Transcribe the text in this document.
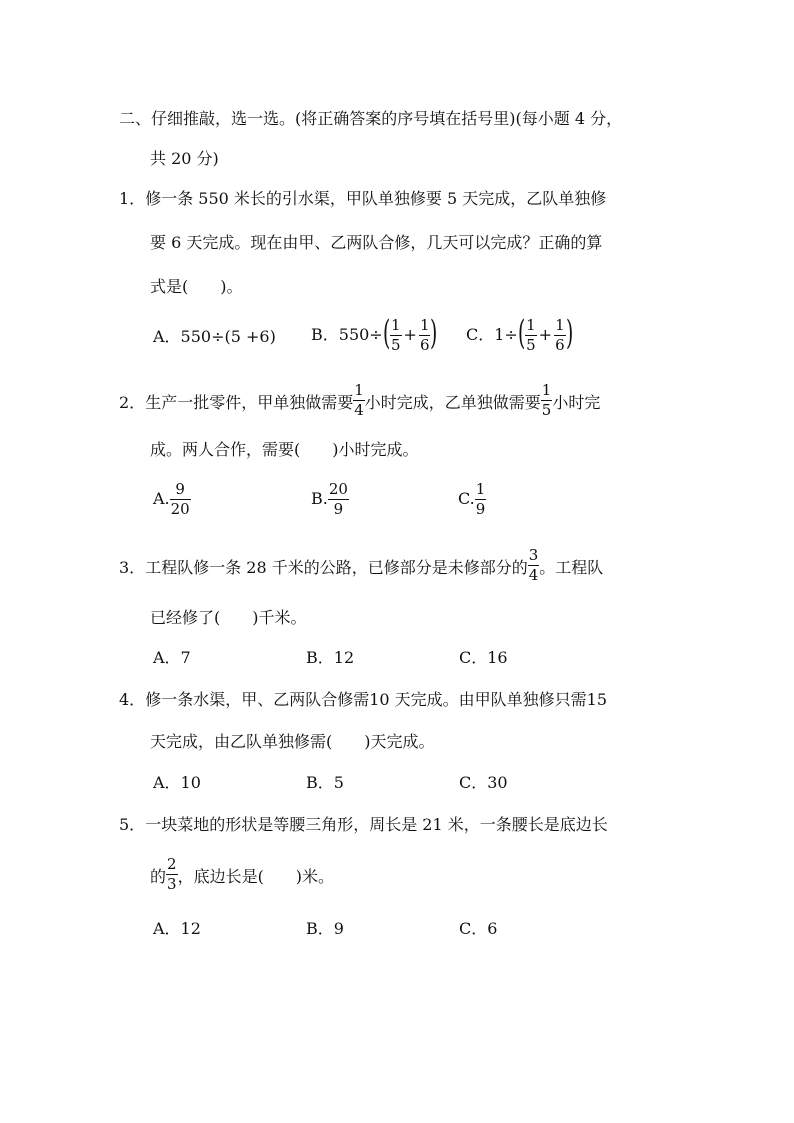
二、仔细推敲，选一选。(将正确答案的序号填在括号里)(每小题 4 分，
共 20 分)
1．修一条 550 米长的引水渠，甲队单独修要 5 天完成，乙队单独修
要 6 天完成。现在由甲、乙两队合修，几天可以完成？正确的算
式是(　　)。
A．550÷(5 +6) B．$550\div( \frac{1}{5} + \frac{1}{6}$ ) C．$1\div( \frac{1}{5} + \frac{1}{6}$ )
2．生产一批零件，甲单独做需要 $\frac{1}{4}$ 小时完成，乙单独做需要 $\frac{1}{5}$ 小时完
成。两人合作，需要(　　)小时完成。
A. $\frac{9}{20}$	B. $\frac{20}{9}$	C. $\frac{1}{9}$
3．工程队修一条 28 千米的公路，已修部分是未修部分的 $\frac{3}{4}$ 。工程队
已经修了(　　)千米。
A．7	B．12	C．16
4．修一条水渠，甲、乙两队合修需10 天完成。由甲队单独修只需15
天完成，由乙队单独修需(　　)天完成。
A．10	B．5	C．30
5．一块菜地的形状是等腰三角形，周长是 21 米，一条腰长是底边长
的 $\frac{2}{3}$ ，底边长是(　　)米。
A．12	B．9	C．6
